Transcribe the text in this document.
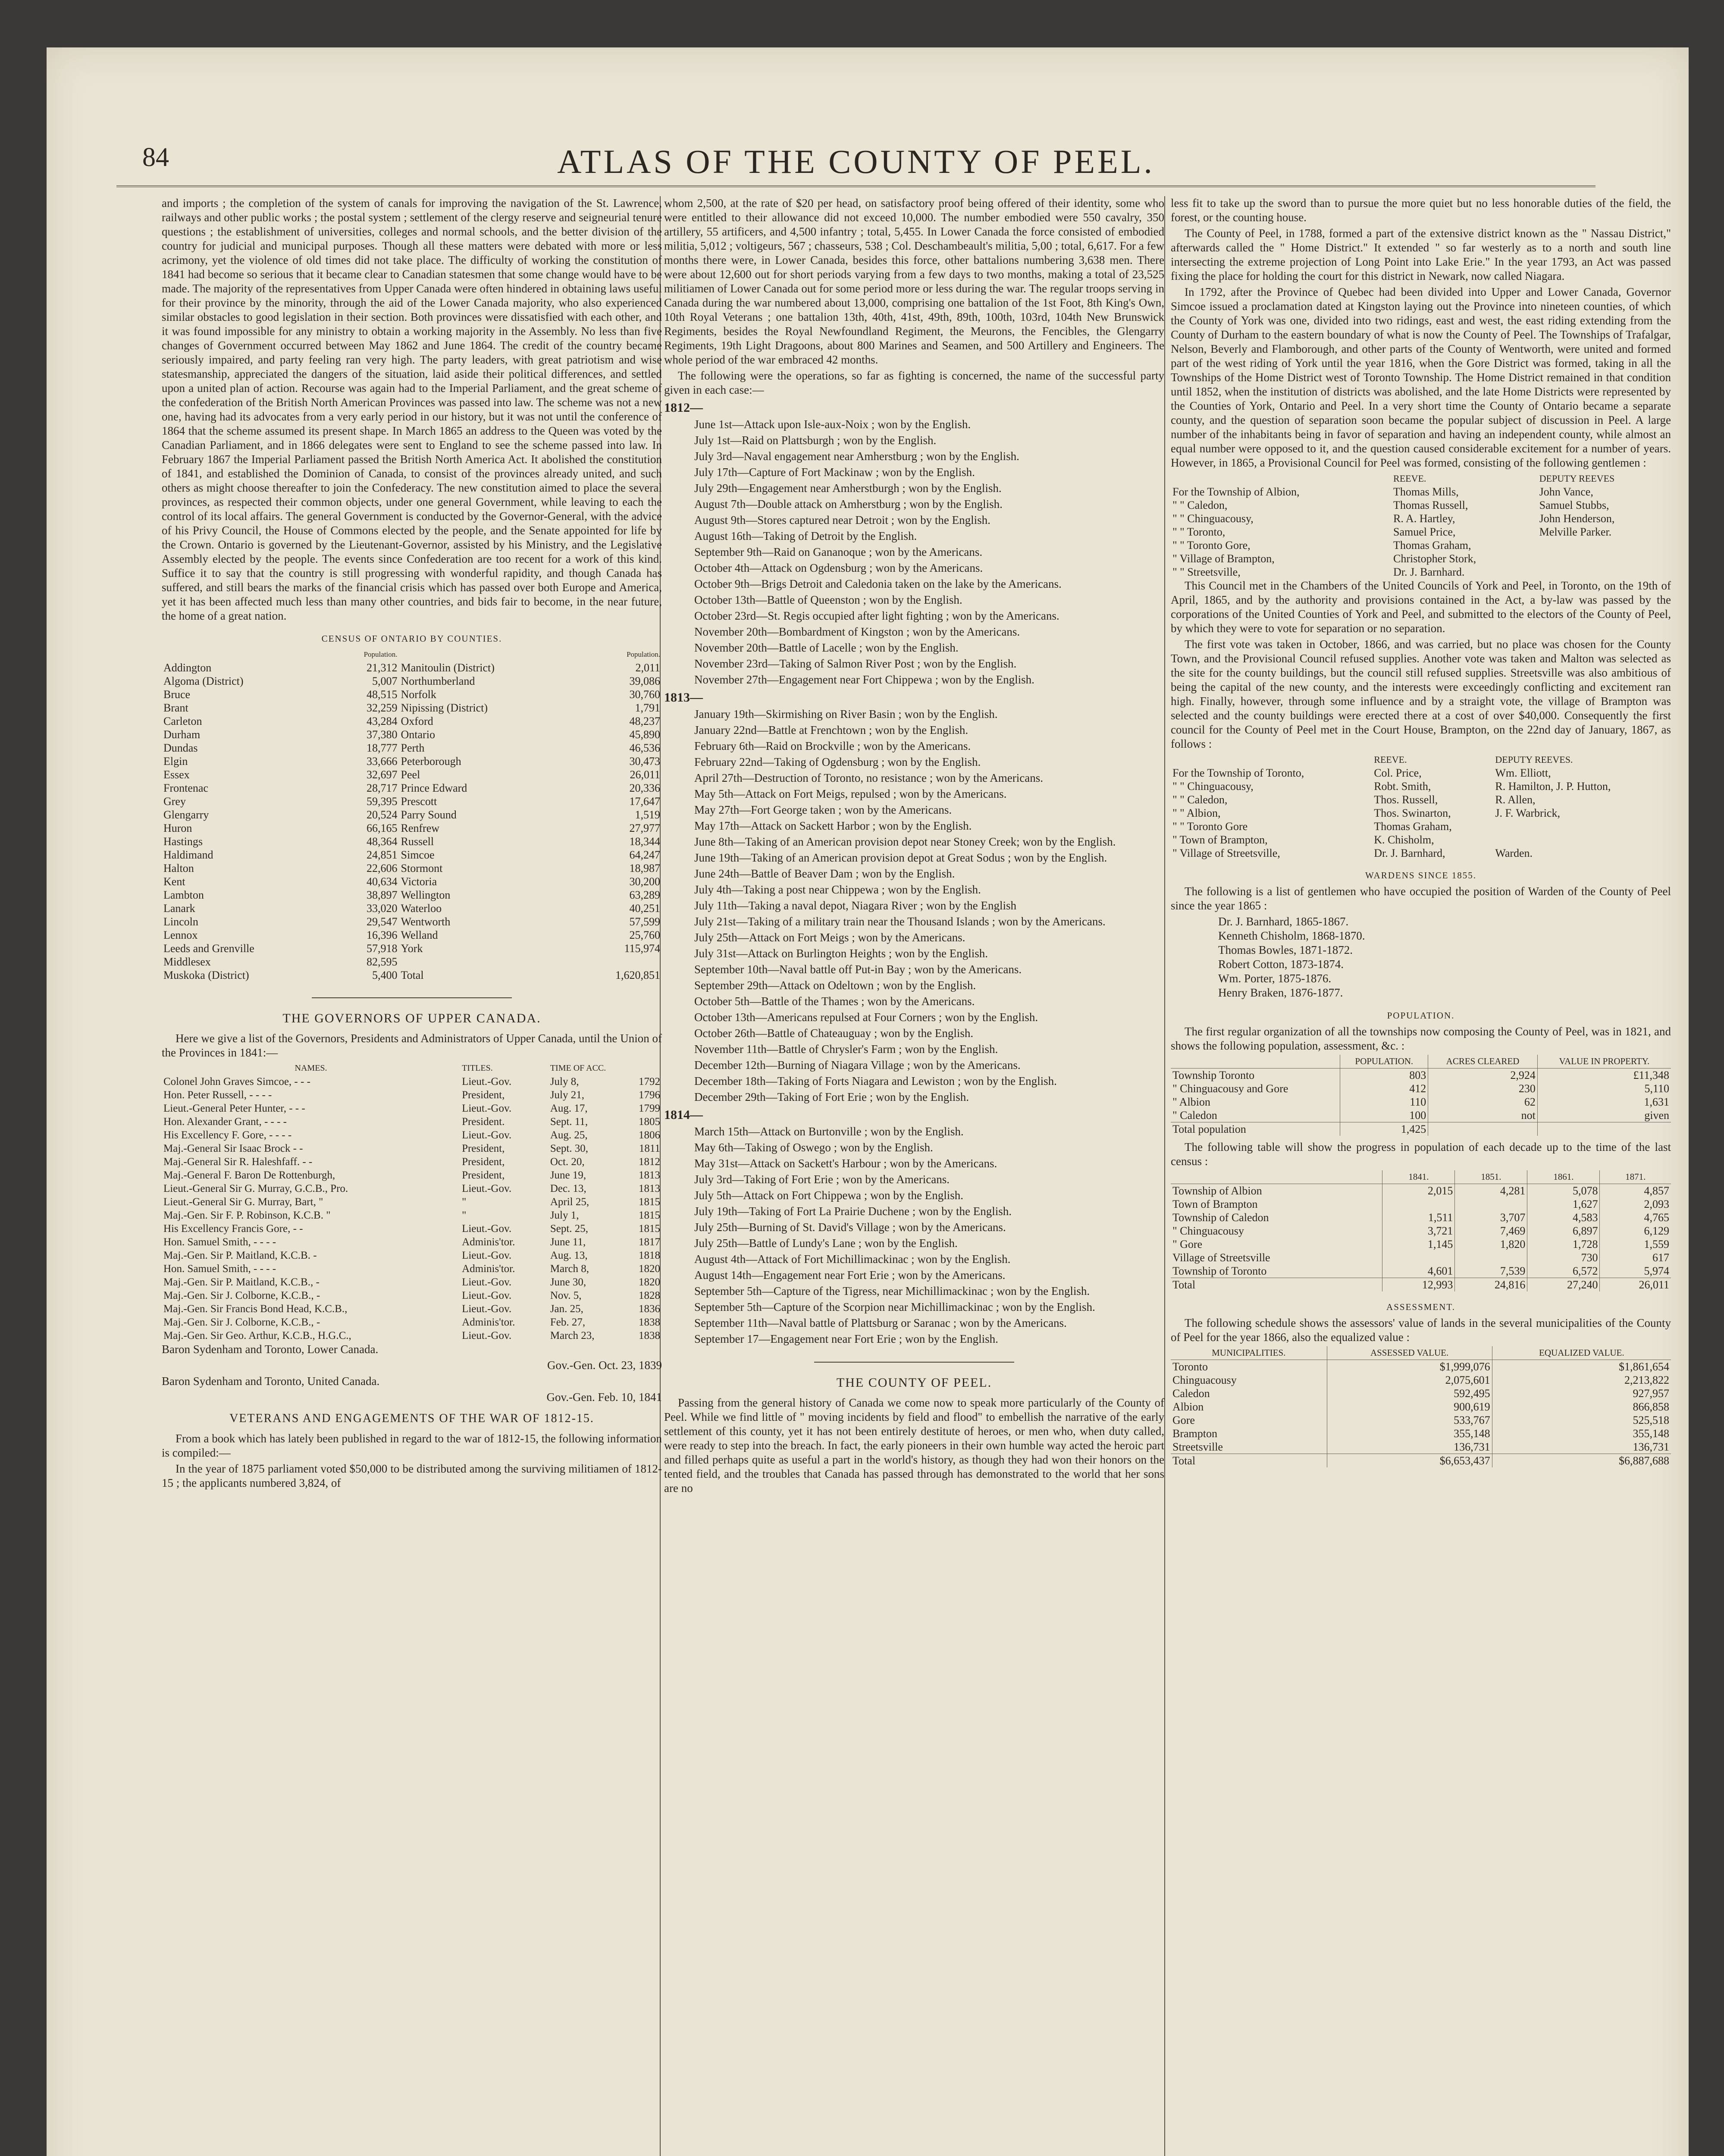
84	ATLAS OF THE COUNTY OF PEEL.

and imports ; the completion of the system of canals for improving the navigation of the St. Lawrence, railways and other public works ; the postal system ; settlement of the clergy reserve and seigneurial tenure questions ; the establishment of universities, colleges and normal schools, and the better division of the country for judicial and municipal purposes. Though all these matters were debated with more or less acrimony, yet the violence of old times did not take place. The difficulty of working the constitution of 1841 had become so serious that it became clear to Canadian statesmen that some change would have to be made. The majority of the representatives from Upper Canada were often hindered in obtaining laws useful for their province by the minority, through the aid of the Lower Canada majority, who also experienced similar obstacles to good legislation in their section. Both provinces were dissatisfied with each other, and it was found impossible for any ministry to obtain a working majority in the Assembly. No less than five changes of Government occurred between May 1862 and June 1864. The credit of the country became seriously impaired, and party feeling ran very high. The party leaders, with great patriotism and wise statesmanship, appreciated the dangers of the situation, laid aside their political differences, and settled upon a united plan of action. Recourse was again had to the Imperial Parliament, and the great scheme of the confederation of the British North American Provinces was passed into law. The scheme was not a new one, having had its advocates from a very early period in our history, but it was not until the conference of 1864 that the scheme assumed its present shape. In March 1865 an address to the Queen was voted by the Canadian Parliament, and in 1866 delegates were sent to England to see the scheme passed into law. In February 1867 the Imperial Parliament passed the British North America Act. It abolished the constitution of 1841, and established the Dominion of Canada, to consist of the provinces already united, and such others as might choose thereafter to join the Confederacy. The new constitution aimed to place the several provinces, as respected their common objects, under one general Government, while leaving to each the control of its local affairs. The general Government is conducted by the Governor-General, with the advice of his Privy Council, the House of Commons elected by the people, and the Senate appointed for life by the Crown. Ontario is governed by the Lieutenant-Governor, assisted by his Ministry, and the Legislative Assembly elected by the people. The events since Confederation are too recent for a work of this kind. Suffice it to say that the country is still progressing with wonderful rapidity, and though Canada has suffered, and still bears the marks of the financial crisis which has passed over both Europe and America, yet it has been affected much less than many other countries, and bids fair to become, in the near future, the home of a great nation.

CENSUS OF ONTARIO BY COUNTIES.
	Population.		Population.
Addington	21,312	Manitoulin (District)	2,011
Algoma (District)	5,007	Northumberland	39,086
Bruce	48,515	Norfolk	30,760
Brant	32,259	Nipissing (District)	1,791
Carleton	43,284	Oxford	48,237
Durham	37,380	Ontario	45,890
Dundas	18,777	Perth	46,536
Elgin	33,666	Peterborough	30,473
Essex	32,697	Peel	26,011
Frontenac	28,717	Prince Edward	20,336
Grey	59,395	Prescott	17,647
Glengarry	20,524	Parry Sound	1,519
Huron	66,165	Renfrew	27,977
Hastings	48,364	Russell	18,344
Haldimand	24,851	Simcoe	64,247
Halton	22,606	Stormont	18,987
Kent	40,634	Victoria	30,200
Lambton	38,897	Wellington	63,289
Lanark	33,020	Waterloo	40,251
Lincoln	29,547	Wentworth	57,599
Lennox	16,396	Welland	25,760
Leeds and Grenville	57,918	York	115,974
Middlesex	82,595		
Muskoka (District)	5,400	Total	1,620,851
THE GOVERNORS OF UPPER CANADA.

Here we give a list of the Governors, Presidents and Administrators of Upper Canada, until the Union of the Provinces in 1841:—

NAMES.	TITLES.	TIME OF ACC.	
Colonel John Graves Simcoe, - - -	Lieut.-Gov.	July 8,	1792
Hon. Peter Russell, - - - -	President,	July 21,	1796
Lieut.-General Peter Hunter, - - -	Lieut.-Gov.	Aug. 17,	1799
Hon. Alexander Grant, - - - -	President.	Sept. 11,	1805
His Excellency F. Gore, - - - -	Lieut.-Gov.	Aug. 25,	1806
Maj.-General Sir Isaac Brock - -	President,	Sept. 30,	1811
Maj.-General Sir R. Haleshfaff. - -	President,	Oct. 20,	1812
Maj.-General F. Baron De Rottenburgh,	President,	June 19,	1813
Lieut.-General Sir G. Murray, G.C.B., Pro.	Lieut.-Gov.	Dec. 13,	1813
Lieut.-General Sir G. Murray, Bart, "	"	April 25,	1815
Maj.-Gen. Sir F. P. Robinson, K.C.B. "	"	July 1,	1815
His Excellency Francis Gore, - -	Lieut.-Gov.	Sept. 25,	1815
Hon. Samuel Smith, - - - -	Adminis'tor.	June 11,	1817
Maj.-Gen. Sir P. Maitland, K.C.B. -	Lieut.-Gov.	Aug. 13,	1818
Hon. Samuel Smith, - - - -	Adminis'tor.	March 8,	1820
Maj.-Gen. Sir P. Maitland, K.C.B., -	Lieut.-Gov.	June 30,	1820
Maj.-Gen. Sir J. Colborne, K.C.B., -	Lieut.-Gov.	Nov. 5,	1828
Maj.-Gen. Sir Francis Bond Head, K.C.B.,	Lieut.-Gov.	Jan. 25,	1836
Maj.-Gen. Sir J. Colborne, K.C.B., -	Adminis'tor.	Feb. 27,	1838
Maj.-Gen. Sir Geo. Arthur, K.C.B., H.G.C.,	Lieut.-Gov.	March 23,	1838

Baron Sydenham and Toronto, Lower Canada.

Gov.-Gen. Oct. 23, 1839

Baron Sydenham and Toronto, United Canada.

Gov.-Gen. Feb. 10, 1841

VETERANS AND ENGAGEMENTS OF THE WAR OF 1812-15.

From a book which has lately been published in regard to the war of 1812-15, the following information is compiled:—

In the year of 1875 parliament voted $50,000 to be distributed among the surviving militiamen of 1812-15 ; the applicants numbered 3,824, of

whom 2,500, at the rate of $20 per head, on satisfactory proof being offered of their identity, some who were entitled to their allowance did not exceed 10,000. The number embodied were 550 cavalry, 350 artillery, 55 artificers, and 4,500 infantry ; total, 5,455. In Lower Canada the force consisted of embodied militia, 5,012 ; voltigeurs, 567 ; chasseurs, 538 ; Col. Deschambeault's militia, 5,00 ; total, 6,617. For a few months there were, in Lower Canada, besides this force, other battalions numbering 3,638 men. There were about 12,600 out for short periods varying from a few days to two months, making a total of 23,525 militiamen of Lower Canada out for some period more or less during the war. The regular troops serving in Canada during the war numbered about 13,000, comprising one battalion of the 1st Foot, 8th King's Own, 10th Royal Veterans ; one battalion 13th, 40th, 41st, 49th, 89th, 100th, 103rd, 104th New Brunswick Regiments, besides the Royal Newfoundland Regiment, the Meurons, the Fencibles, the Glengarry Regiments, 19th Light Dragoons, about 800 Marines and Seamen, and 500 Artillery and Engineers. The whole period of the war embraced 42 months.

The following were the operations, so far as fighting is concerned, the name of the successful party given in each case:—

1812—

June 1st—Attack upon Isle-aux-Noix ; won by the English.

July 1st—Raid on Plattsburgh ; won by the English.

July 3rd—Naval engagement near Amherstburg ; won by the English.

July 17th—Capture of Fort Mackinaw ; won by the English.

July 29th—Engagement near Amherstburgh ; won by the English.

August 7th—Double attack on Amherstburg ; won by the English.

August 9th—Stores captured near Detroit ; won by the English.

August 16th—Taking of Detroit by the English.

September 9th—Raid on Gananoque ; won by the Americans.

October 4th—Attack on Ogdensburg ; won by the Americans.

October 9th—Brigs Detroit and Caledonia taken on the lake by the Americans.

October 13th—Battle of Queenston ; won by the English.

October 23rd—St. Regis occupied after light fighting ; won by the Americans.

November 20th—Bombardment of Kingston ; won by the Americans.

November 20th—Battle of Lacelle ; won by the English.

November 23rd—Taking of Salmon River Post ; won by the English.

November 27th—Engagement near Fort Chippewa ; won by the English.

1813—

January 19th—Skirmishing on River Basin ; won by the English.

January 22nd—Battle at Frenchtown ; won by the English.

February 6th—Raid on Brockville ; won by the Americans.

February 22nd—Taking of Ogdensburg ; won by the English.

April 27th—Destruction of Toronto, no resistance ; won by the Americans.

May 5th—Attack on Fort Meigs, repulsed ; won by the Americans.

May 27th—Fort George taken ; won by the Americans.

May 17th—Attack on Sackett Harbor ; won by the English.

June 8th—Taking of an American provision depot near Stoney Creek; won by the English.

June 19th—Taking of an American provision depot at Great Sodus ; won by the English.

June 24th—Battle of Beaver Dam ; won by the English.

July 4th—Taking a post near Chippewa ; won by the English.

July 11th—Taking a naval depot, Niagara River ; won by the English

July 21st—Taking of a military train near the Thousand Islands ; won by the Americans.

July 25th—Attack on Fort Meigs ; won by the Americans.

July 31st—Attack on Burlington Heights ; won by the English.

September 10th—Naval battle off Put-in Bay ; won by the Americans.

September 29th—Attack on Odeltown ; won by the English.

October 5th—Battle of the Thames ; won by the Americans.

October 13th—Americans repulsed at Four Corners ; won by the English.

October 26th—Battle of Chateauguay ; won by the English.

November 11th—Battle of Chrysler's Farm ; won by the English.

December 12th—Burning of Niagara Village ; won by the Americans.

December 18th—Taking of Forts Niagara and Lewiston ; won by the English.

December 29th—Taking of Fort Erie ; won by the English.

1814—

March 15th—Attack on Burtonville ; won by the English.

May 6th—Taking of Oswego ; won by the English.

May 31st—Attack on Sackett's Harbour ; won by the Americans.

July 3rd—Taking of Fort Erie ; won by the Americans.

July 5th—Attack on Fort Chippewa ; won by the English.

July 19th—Taking of Fort La Prairie Duchene ; won by the English.

July 25th—Burning of St. David's Village ; won by the Americans.

July 25th—Battle of Lundy's Lane ; won by the English.

August 4th—Attack of Fort Michillimackinac ; won by the English.

August 14th—Engagement near Fort Erie ; won by the Americans.

September 5th—Capture of the Tigress, near Michillimackinac ; won by the English.

September 5th—Capture of the Scorpion near Michillimackinac ; won by the English.

September 11th—Naval battle of Plattsburg or Saranac ; won by the Americans.

September 17—Engagement near Fort Erie ; won by the English.

THE COUNTY OF PEEL.

Passing from the general history of Canada we come now to speak more particularly of the County of Peel. While we find little of " moving incidents by field and flood" to embellish the narrative of the early settlement of this county, yet it has not been entirely destitute of heroes, or men who, when duty called, were ready to step into the breach. In fact, the early pioneers in their own humble way acted the heroic part and filled perhaps quite as useful a part in the world's history, as though they had won their honors on the tented field, and the troubles that Canada has passed through has demonstrated to the world that her sons are no

less fit to take up the sword than to pursue the more quiet but no less honorable duties of the field, the forest, or the counting house.

The County of Peel, in 1788, formed a part of the extensive district known as the " Nassau District," afterwards called the " Home District." It extended " so far westerly as to a north and south line intersecting the extreme projection of Long Point into Lake Erie." In the year 1793, an Act was passed fixing the place for holding the court for this district in Newark, now called Niagara.

In 1792, after the Province of Quebec had been divided into Upper and Lower Canada, Governor Simcoe issued a proclamation dated at Kingston laying out the Province into nineteen counties, of which the County of York was one, divided into two ridings, east and west, the east riding extending from the County of Durham to the eastern boundary of what is now the County of Peel. The Townships of Trafalgar, Nelson, Beverly and Flamborough, and other parts of the County of Wentworth, were united and formed part of the west riding of York until the year 1816, when the Gore District was formed, taking in all the Townships of the Home District west of Toronto Township. The Home District remained in that condition until 1852, when the institution of districts was abolished, and the late Home Districts were represented by the Counties of York, Ontario and Peel. In a very short time the County of Ontario became a separate county, and the question of separation soon became the popular subject of discussion in Peel. A large number of the inhabitants being in favor of separation and having an independent county, while almost an equal number were opposed to it, and the question caused considerable excitement for a number of years. However, in 1865, a Provisional Council for Peel was formed, consisting of the following gentlemen :

	REEVE.	DEPUTY REEVES
For the Township of Albion,	Thomas Mills,	John Vance,
" " Caledon,	Thomas Russell,	Samuel Stubbs,
" " Chinguacousy,	R. A. Hartley,	John Henderson,
" " Toronto,	Samuel Price,	Melville Parker.
" " Toronto Gore,	Thomas Graham,	
" Village of Brampton,	Christopher Stork,	
" " Streetsville,	Dr. J. Barnhard.	

This Council met in the Chambers of the United Councils of York and Peel, in Toronto, on the 19th of April, 1865, and by the authority and provisions contained in the Act, a by-law was passed by the corporations of the United Counties of York and Peel, and submitted to the electors of the County of Peel, by which they were to vote for separation or no separation.

The first vote was taken in October, 1866, and was carried, but no place was chosen for the County Town, and the Provisional Council refused supplies. Another vote was taken and Malton was selected as the site for the county buildings, but the council still refused supplies. Streetsville was also ambitious of being the capital of the new county, and the interests were exceedingly conflicting and excitement ran high. Finally, however, through some influence and by a straight vote, the village of Brampton was selected and the county buildings were erected there at a cost of over $40,000. Consequently the first council for the County of Peel met in the Court House, Brampton, on the 22nd day of January, 1867, as follows :

	REEVE.	DEPUTY REEVES.
For the Township of Toronto,	Col. Price,	Wm. Elliott,
" " Chinguacousy,	Robt. Smith,	R. Hamilton, J. P. Hutton,
" " Caledon,	Thos. Russell,	R. Allen,
" " Albion,	Thos. Swinarton,	J. F. Warbrick,
" " Toronto Gore	Thomas Graham,	
" Town of Brampton,	K. Chisholm,	
" Village of Streetsville,	Dr. J. Barnhard,	Warden.
WARDENS SINCE 1855.

The following is a list of gentlemen who have occupied the position of Warden of the County of Peel since the year 1865 :

Dr. J. Barnhard, 1865-1867.
Kenneth Chisholm, 1868-1870.
Thomas Bowles, 1871-1872.
Robert Cotton, 1873-1874.
Wm. Porter, 1875-1876.
Henry Braken, 1876-1877.
POPULATION.

The first regular organization of all the townships now composing the County of Peel, was in 1821, and shows the following population, assessment, &c. :

	POPULATION.	ACRES CLEARED	VALUE IN PROPERTY.
Township Toronto	803	2,924	£11,348
" Chinguacousy and Gore	412	230	5,110
" Albion	110	62	1,631
" Caledon	100	not	given
Total population	1,425		

The following table will show the progress in population of each decade up to the time of the last census :

	1841.	1851.	1861.	1871.
Township of Albion	2,015	4,281	5,078	4,857
Town of Brampton			1,627	2,093
Township of Caledon	1,511	3,707	4,583	4,765
" Chinguacousy	3,721	7,469	6,897	6,129
" Gore	1,145	1,820	1,728	1,559
Village of Streetsville			730	617
Township of Toronto	4,601	7,539	6,572	5,974
Total	12,993	24,816	27,240	26,011
ASSESSMENT.

The following schedule shows the assessors' value of lands in the several municipalities of the County of Peel for the year 1866, also the equalized value :

MUNICIPALITIES.	ASSESSED VALUE.	EQUALIZED VALUE.
Toronto	$1,999,076	$1,861,654
Chinguacousy	2,075,601	2,213,822
Caledon	592,495	927,957
Albion	900,619	866,858
Gore	533,767	525,518
Brampton	355,148	355,148
Streetsville	136,731	136,731
Total	$6,653,437	$6,887,688
